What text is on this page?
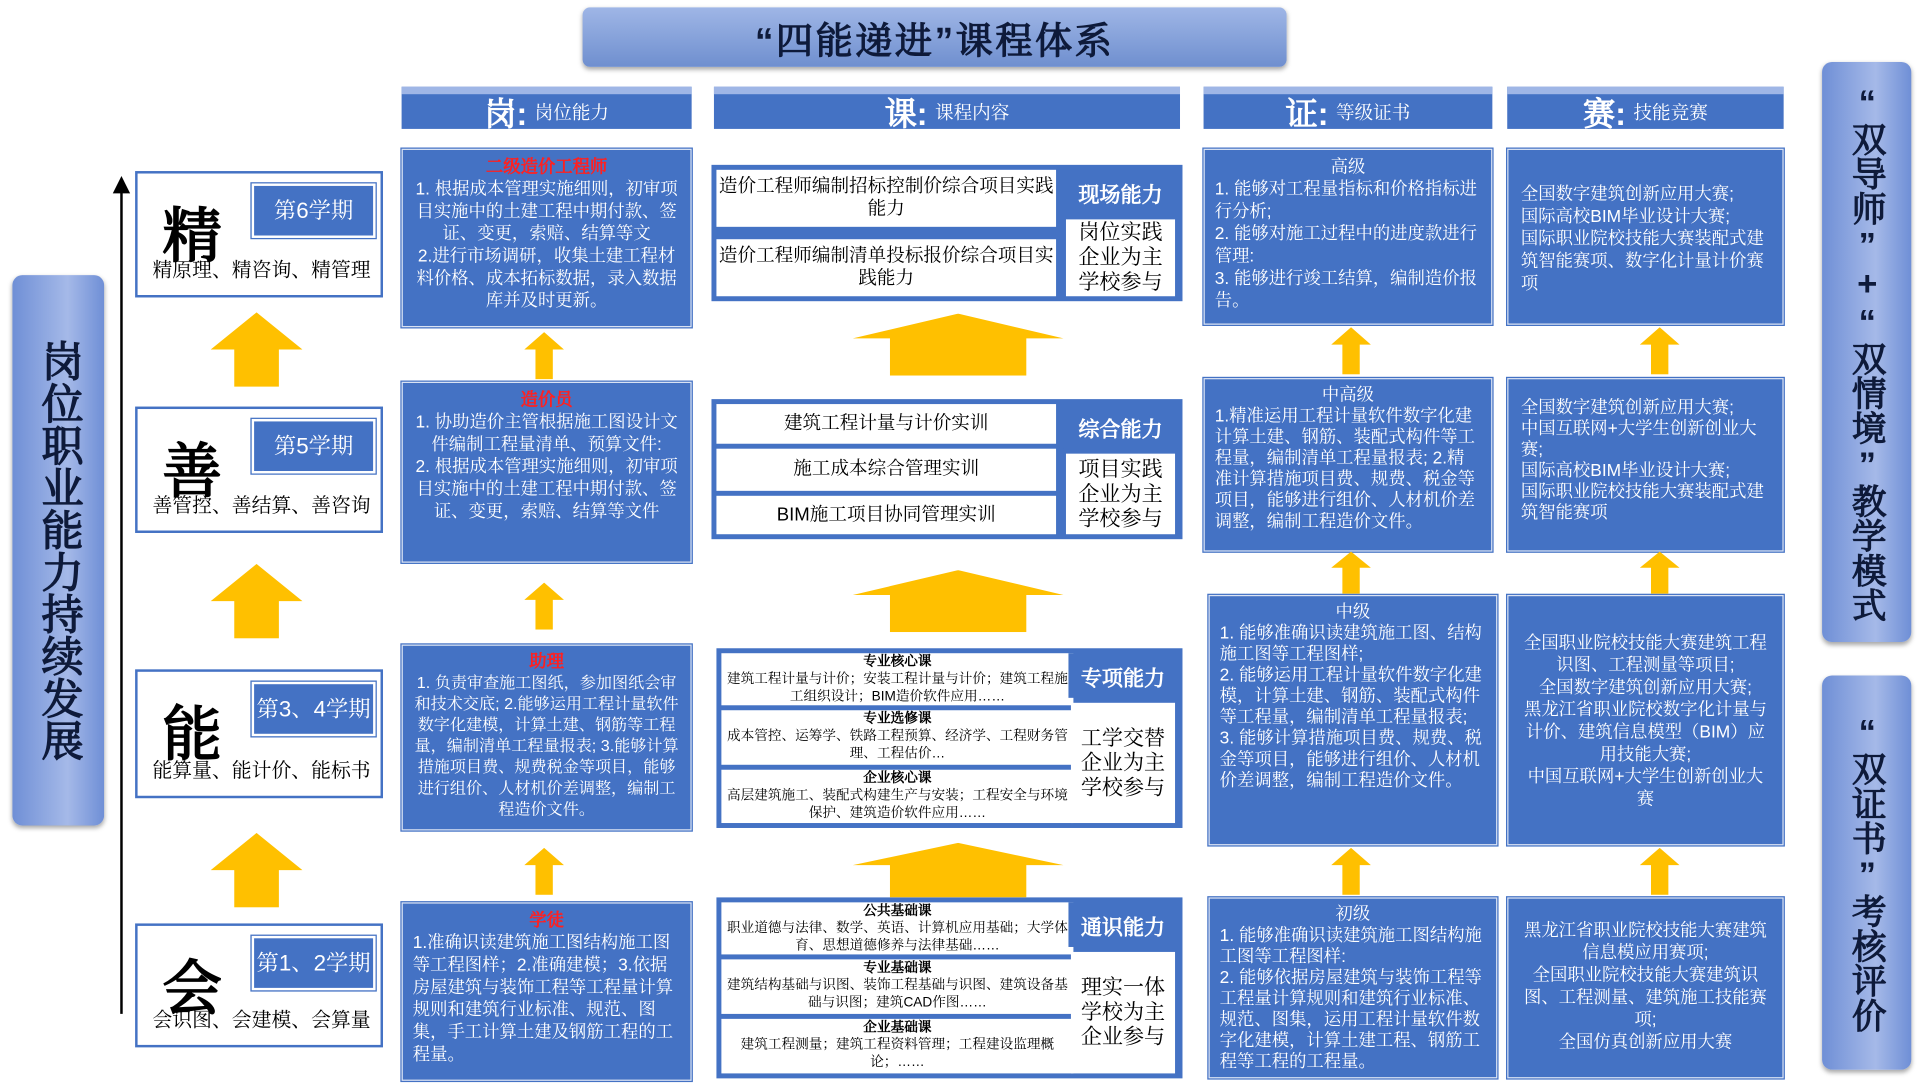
“四能递进”课程体系
岗位职业能力持续发展	“双导师”+“双情境”教学模式
“双证书”考核评价
岗: 岗位能力	课: 课程内容	证: 等级证书	赛: 技能竞赛
精	第6学期
精原理、精咨询、精管理
善	第5学期
善管控、善结算、善咨询
能 第3、4学期
能算量、能计价、能标书
会 第1、2学期
会识图、会建模、会算量
二级造价工程师
1. 根据成本管理实施细则，初审项目实施中的土建工程中期付款、签证、变更，索赔、结算等文
2.进行市场调研，收集土建工程材料价格、成本拓标数据，录入数据库并及时更新。
造价员
1. 协助造价主管根据施工图设计文件编制工程量清单、预算文件:
2. 根据成本管理实施细则，初审项目实施中的土建工程中期付款、签证、变更，索赔、结算等文件
助理
1. 负责审查施工图纸，参加图纸会审和技术交底; 2.能够运用工程计量软件数字化建模，计算土建、钢筋等工程量，编制清单工程量报表; 3.能够计算措施项目费、规费税金等项目，能够进行组价、人材机价差调整，编制工程造价文件。
学徒
1.准确识读建筑施工图结构施工图等工程图样；2.准确建模；3.依据房屋建筑与装饰工程等工程量计算规则和建筑行业标准、规范、图集，手工计算土建及钢筋工程的工程量。
造价工程师编制招标控制价综合项目实践能力
造价工程师编制清单投标报价综合项目实践能力
现场能力
岗位实践
企业为主
学校参与
建筑工程计量与计价实训
施工成本综合管理实训
BIM施工项目协同管理实训
综合能力
项目实践
企业为主
学校参与
专业核心课
建筑工程计量与计价；安装工程计量与计价；建筑工程施工组织设计；BIM造价软件应用……
专业选修课
成本管控、运筹学、铁路工程预算、经济学、工程财务管理、工程估价…
企业核心课
高层建筑施工、装配式构建生产与安装；工程安全与环境保护、建筑造价软件应用……
专项能力
工学交替
企业为主
学校参与
公共基础课
职业道德与法律、数学、英语、计算机应用基础；大学体育、思想道德修养与法律基础……
专业基础课
建筑结构基础与识图、装饰工程基础与识图、建筑设备基础与识图；建筑CAD作图……
企业基础课
建筑工程测量；建筑工程资料管理；工程建设监理概论；……
通识能力
理实一体
学校为主
企业参与
高级
1. 能够对工程量指标和价格指标进行分析;
2. 能够对施工过程中的进度款进行管理:
3. 能够进行竣工结算，编制造价报告。
中高级
1.精准运用工程计量软件数字化建计算土建、钢筋、装配式构件等工程量，编制清单工程量报表; 2.精准计算措施项目费、规费、税金等项目，能够进行组价、人材机价差调整，编制工程造价文件。
中级
1. 能够准确识读建筑施工图、结构施工图等工程图样;
2. 能够运用工程计量软件数字化建模，计算土建、钢筋、装配式构件等工程量，编制清单工程量报表;
3. 能够计算措施项目费、规费、税金等项目，能够进行组价、人材机价差调整，编制工程造价文件。
初级
1. 能够准确识读建筑施工图结构施工图等工程图样:
2. 能够依据房屋建筑与装饰工程等工程量计算规则和建筑行业标准、规范、图集，运用工程计量软件数字化建模，计算土建工程、钢筋工程等工程的工程量。
全国数字建筑创新应用大赛;
国际高校BIM毕业设计大赛;
国际职业院校技能大赛装配式建筑智能赛项、数字化计量计价赛项
全国数字建筑创新应用大赛;
中国互联网+大学生创新创业大赛;
国际高校BIM毕业设计大赛;
国际职业院校技能大赛装配式建筑智能赛项
全国职业院校技能大赛建筑工程识图、工程测量等项目;
全国数字建筑创新应用大赛;
黑龙江省职业院校数字化计量与计价、建筑信息模型（BIM）应用技能大赛;
中国互联网+大学生创新创业大赛
黑龙江省职业院校技能大赛建筑信息模应用赛项;
全国职业院校技能大赛建筑识图、工程测量、建筑施工技能赛项;
全国仿真创新应用大赛
